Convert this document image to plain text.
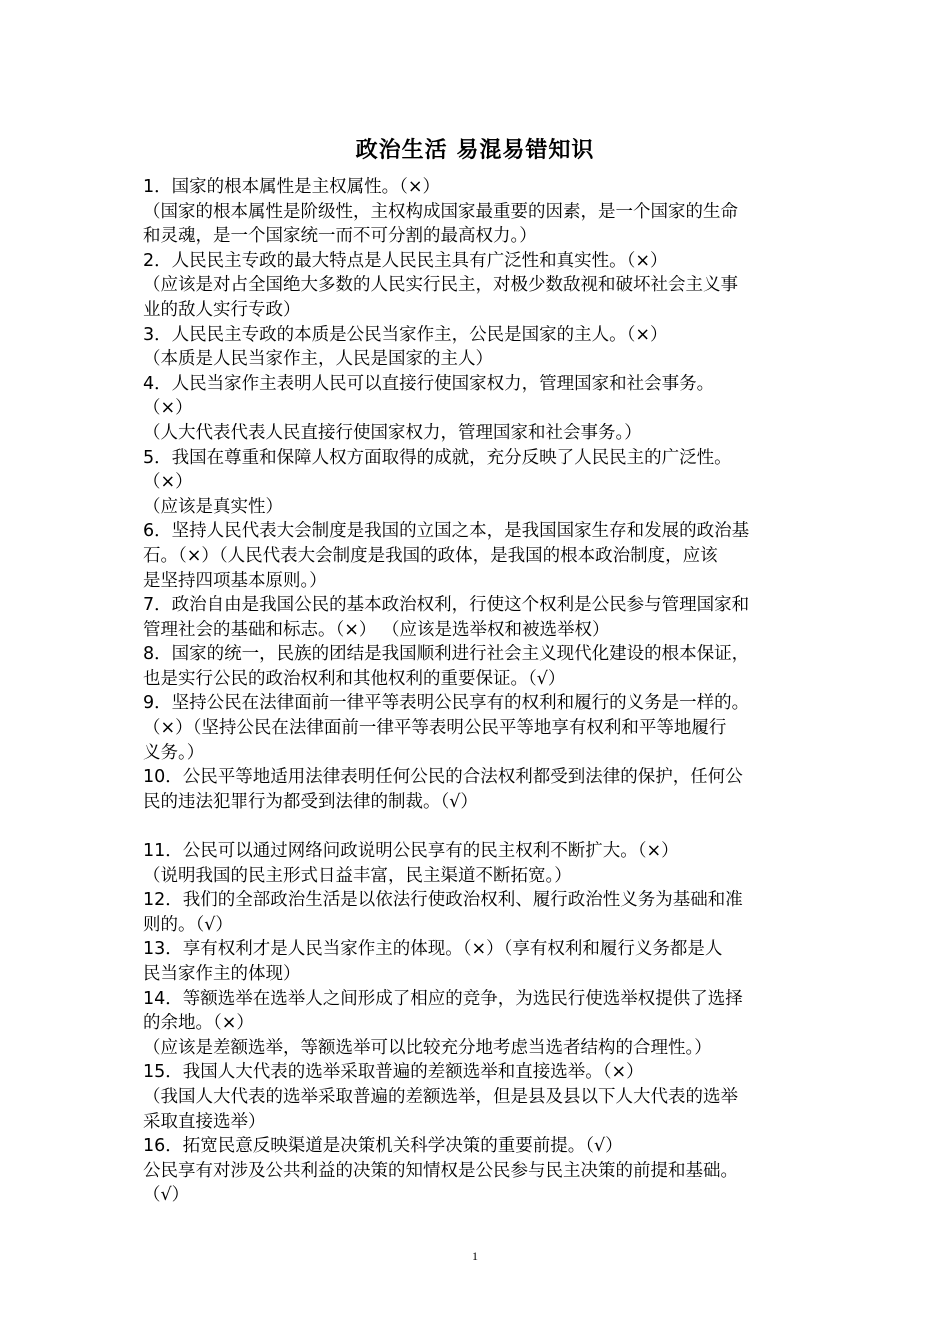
政治生活 易混易错知识
1．国家的根本属性是主权属性。（×）
（国家的根本属性是阶级性，主权构成国家最重要的因素，是一个国家的生命
和灵魂，是一个国家统一而不可分割的最高权力。）
2．人民民主专政的最大特点是人民民主具有广泛性和真实性。（×）
（应该是对占全国绝大多数的人民实行民主，对极少数敌视和破坏社会主义事
业的敌人实行专政）
3．人民民主专政的本质是公民当家作主，公民是国家的主人。（×）
（本质是人民当家作主，人民是国家的主人）
4．人民当家作主表明人民可以直接行使国家权力，管理国家和社会事务。
（×）
（人大代表代表人民直接行使国家权力，管理国家和社会事务。）
5．我国在尊重和保障人权方面取得的成就，充分反映了人民民主的广泛性。
（×）
（应该是真实性）
6．坚持人民代表大会制度是我国的立国之本，是我国国家生存和发展的政治基
石。（×）（人民代表大会制度是我国的政体，是我国的根本政治制度，应该
是坚持四项基本原则。）
7．政治自由是我国公民的基本政治权利，行使这个权利是公民参与管理国家和
管理社会的基础和标志。（×） （应该是选举权和被选举权）
8．国家的统一，民族的团结是我国顺利进行社会主义现代化建设的根本保证，
也是实行公民的政治权利和其他权利的重要保证。（√）
9．坚持公民在法律面前一律平等表明公民享有的权利和履行的义务是一样的。
（×）（坚持公民在法律面前一律平等表明公民平等地享有权利和平等地履行
义务。）
10．公民平等地适用法律表明任何公民的合法权利都受到法律的保护，任何公
民的违法犯罪行为都受到法律的制裁。（√）
11．公民可以通过网络问政说明公民享有的民主权利不断扩大。（×）
（说明我国的民主形式日益丰富，民主渠道不断拓宽。）
12．我们的全部政治生活是以依法行使政治权利、履行政治性义务为基础和准
则的。（√）
13．享有权利才是人民当家作主的体现。（×）（享有权利和履行义务都是人
民当家作主的体现）
14．等额选举在选举人之间形成了相应的竞争，为选民行使选举权提供了选择
的余地。（×）
（应该是差额选举，等额选举可以比较充分地考虑当选者结构的合理性。）
15．我国人大代表的选举采取普遍的差额选举和直接选举。（×）
（我国人大代表的选举采取普遍的差额选举，但是县及县以下人大代表的选举
采取直接选举）
16．拓宽民意反映渠道是决策机关科学决策的重要前提。（√）
公民享有对涉及公共利益的决策的知情权是公民参与民主决策的前提和基础。
（√）
1
